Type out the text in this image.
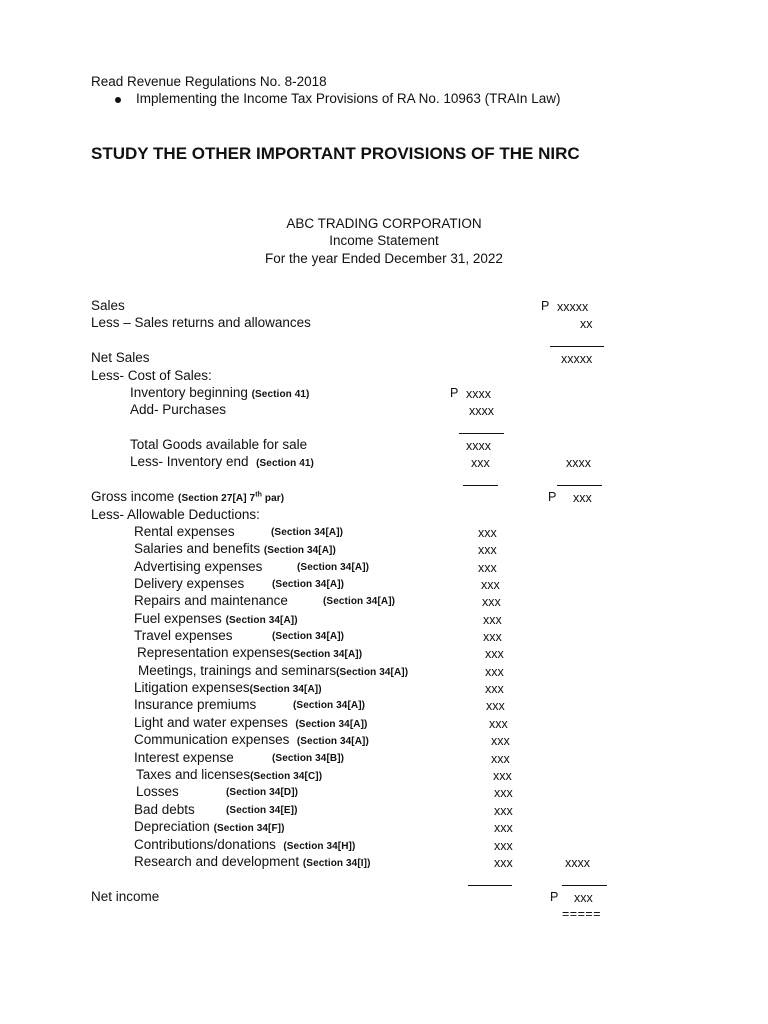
Read Revenue Regulations No. 8-2018
Implementing the Income Tax Provisions of RA No. 10963 (TRAIn Law)
STUDY THE OTHER IMPORTANT PROVISIONS OF THE NIRC
ABC TRADING CORPORATION
Income Statement
For the year Ended December 31, 2022
Sales	P xxxxx
Less – Sales returns and allowances	xx
Net Sales	xxxxx
Less- Cost of Sales:
Inventory beginning (Section 41)	P xxxx
Add- Purchases	xxxx
Total Goods available for sale	xxxx
Less- Inventory end (Section 41)	xxx	xxxx
Gross income (Section 27[A] 7th par)	P xxx
Less- Allowable Deductions:
Rental expenses	(Section 34[A])	xxx
Salaries and benefits (Section 34[A])	xxx
Advertising expenses	(Section 34[A])	xxx
Delivery expenses	(Section 34[A])	xxx
Repairs and maintenance	(Section 34[A])	xxx
Fuel expenses (Section 34[A])	xxx
Travel expenses	(Section 34[A])	xxx
Representation expenses(Section 34[A])	xxx
Meetings, trainings and seminars(Section 34[A])	xxx
Litigation expenses(Section 34[A])	xxx
Insurance premiums	(Section 34[A])	xxx
Light and water expenses (Section 34[A])	xxx
Communication expenses (Section 34[A])	xxx
Interest expense	(Section 34[B])	xxx
Taxes and licenses(Section 34[C])	xxx
Losses	(Section 34[D])	xxx
Bad debts	(Section 34[E])	xxx
Depreciation (Section 34[F])	xxx
Contributions/donations (Section 34[H])	xxx
Research and development (Section 34[I])	xxx	xxxx
Net income	P xxx
=====
